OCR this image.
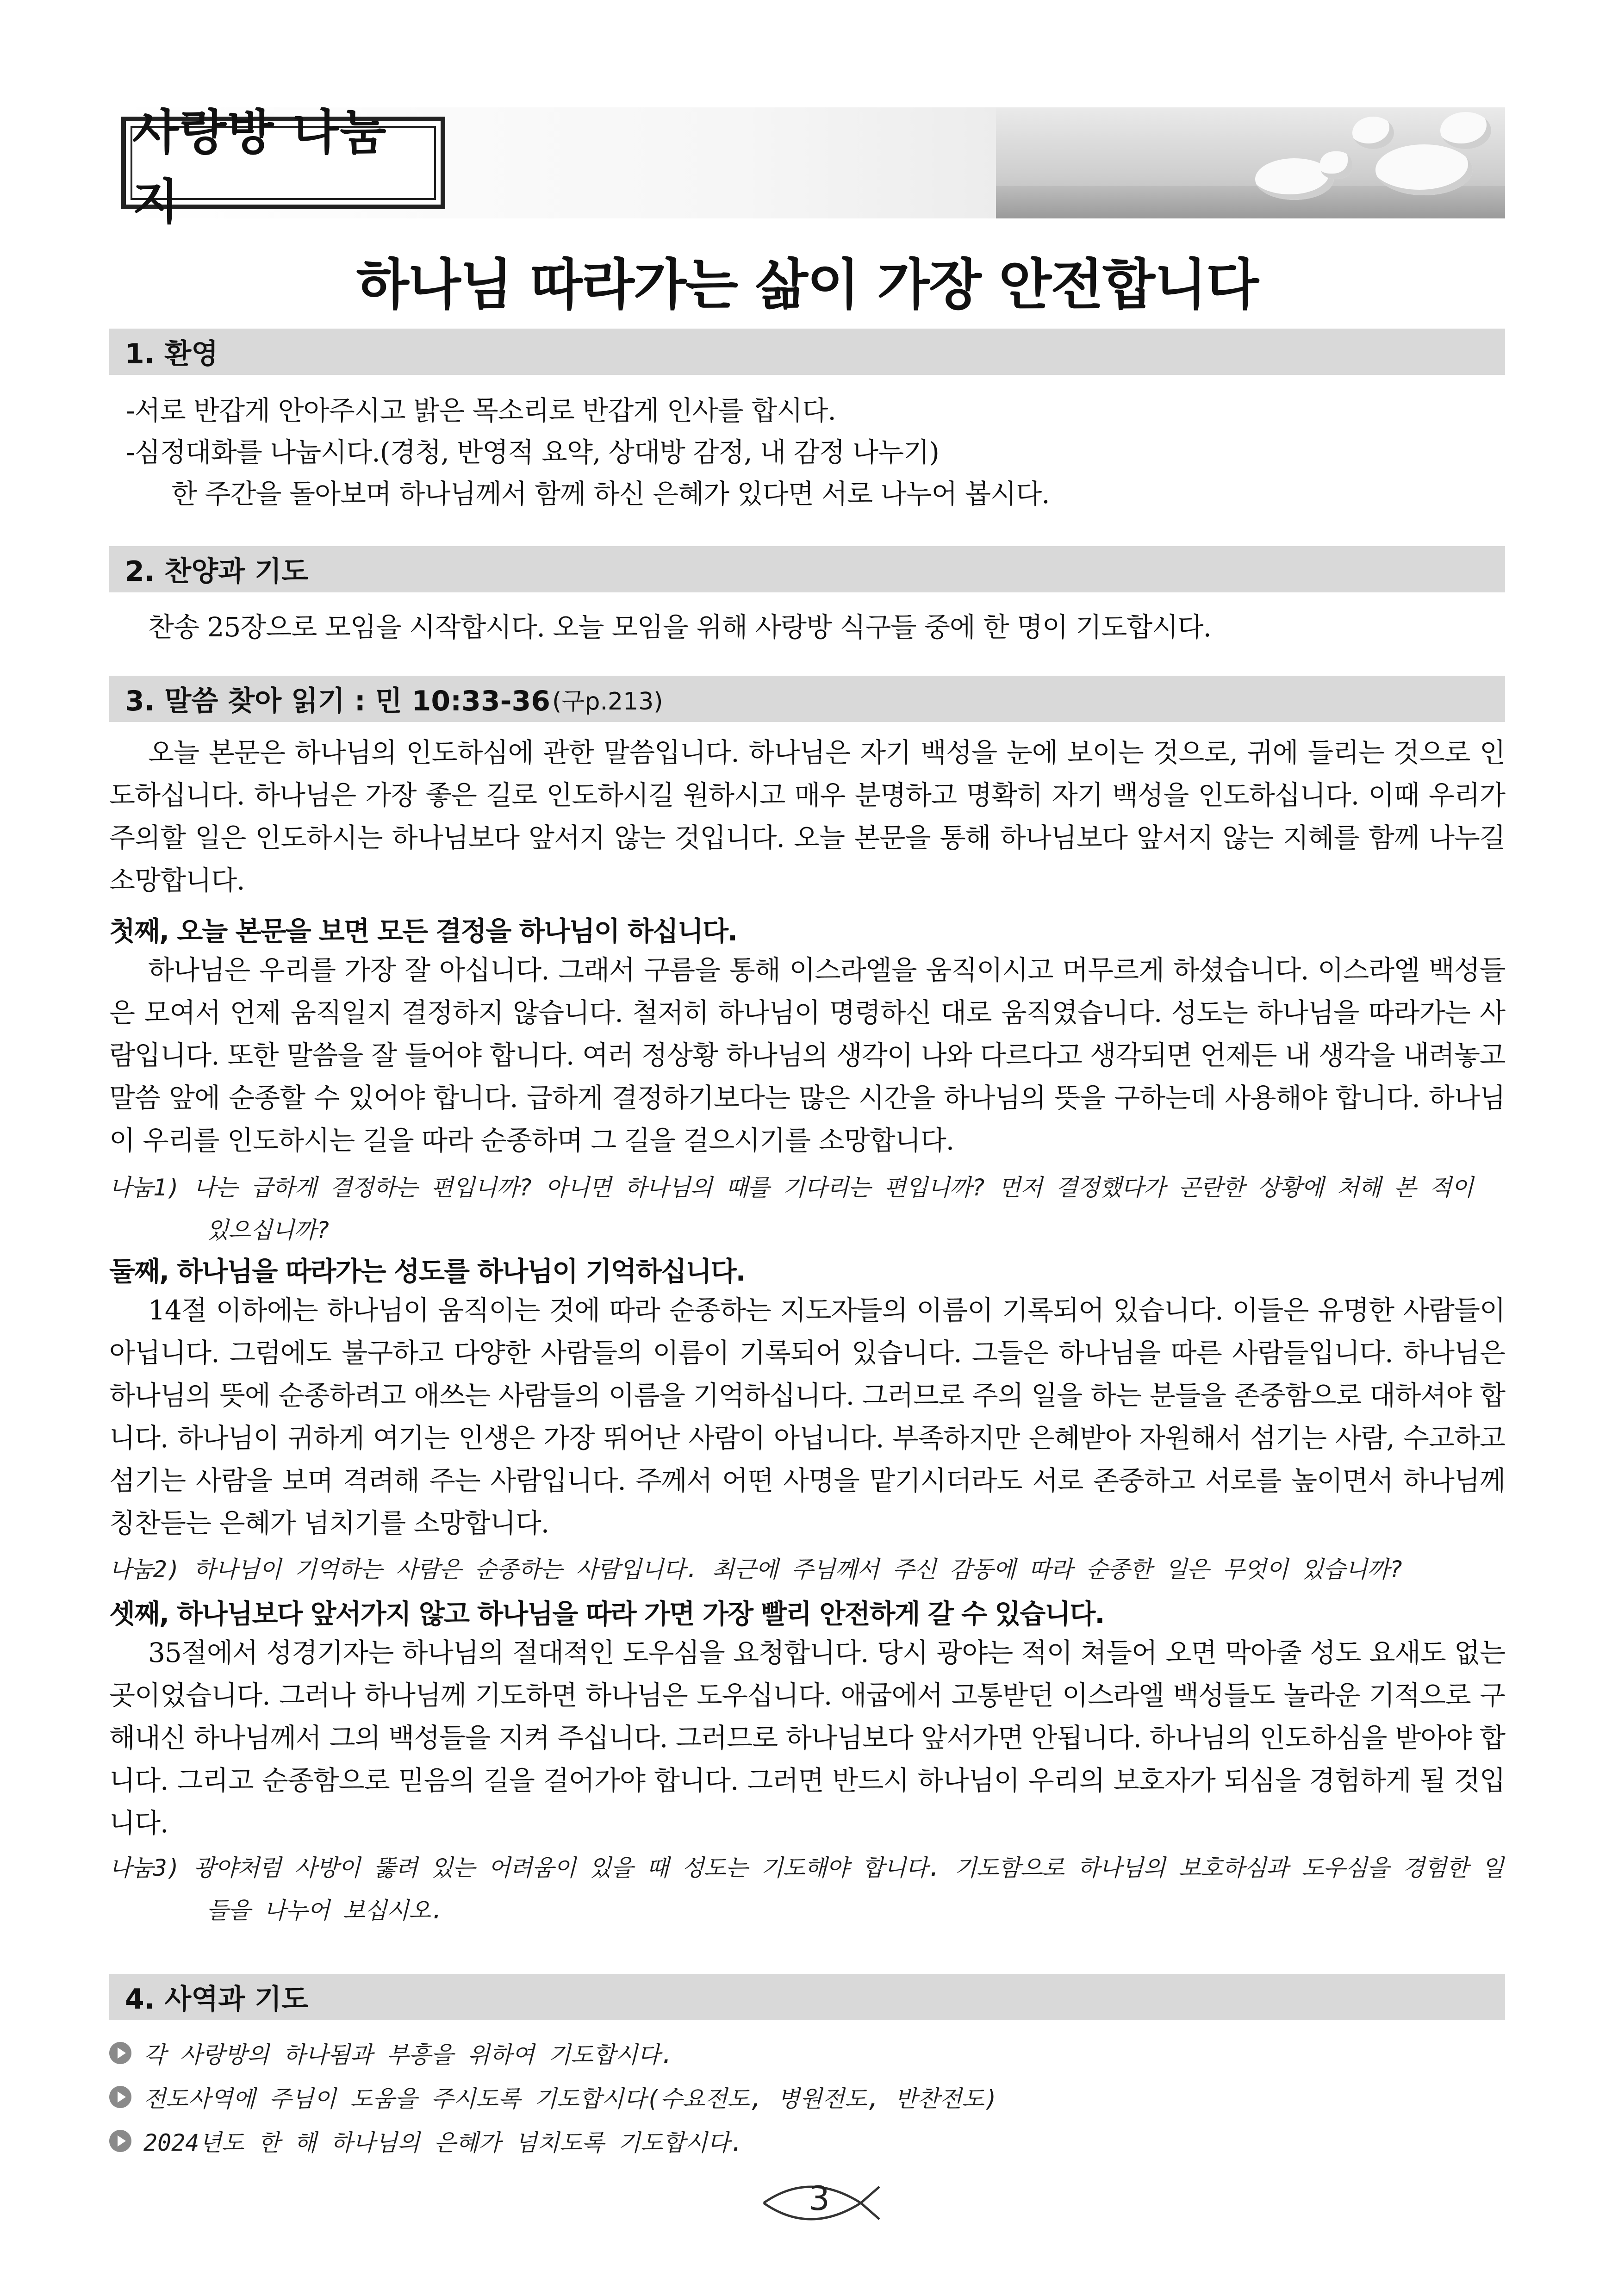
사랑방 나눔지
하나님 따라가는 삶이 가장 안전합니다
1. 환영
-서로 반갑게 안아주시고 밝은 목소리로 반갑게 인사를 합시다.
-심정대화를 나눕시다.(경청, 반영적 요약, 상대방 감정, 내 감정 나누기)
한 주간을 돌아보며 하나님께서 함께 하신 은혜가 있다면 서로 나누어 봅시다.
2. 찬양과 기도
찬송 25장으로 모임을 시작합시다. 오늘 모임을 위해 사랑방 식구들 중에 한 명이 기도합시다.
3. 말씀 찾아 읽기 : 민 10:33-36 (구p.213)
오늘 본문은 하나님의 인도하심에 관한 말씀입니다. 하나님은 자기 백성을 눈에 보이는 것으로, 귀에 들리는 것으로 인도하십니다. 하나님은 가장 좋은 길로 인도하시길 원하시고 매우 분명하고 명확히 자기 백성을 인도하십니다. 이때 우리가 주의할 일은 인도하시는 하나님보다 앞서지 않는 것입니다. 오늘 본문을 통해 하나님보다 앞서지 않는 지혜를 함께 나누길 소망합니다.
첫째, 오늘 본문을 보면 모든 결정을 하나님이 하십니다.
하나님은 우리를 가장 잘 아십니다. 그래서 구름을 통해 이스라엘을 움직이시고 머무르게 하셨습니다. 이스라엘 백성들은 모여서 언제 움직일지 결정하지 않습니다. 철저히 하나님이 명령하신 대로 움직였습니다. 성도는 하나님을 따라가는 사람입니다. 또한 말씀을 잘 들어야 합니다. 여러 정상황 하나님의 생각이 나와 다르다고 생각되면 언제든 내 생각을 내려놓고 말씀 앞에 순종할 수 있어야 합니다. 급하게 결정하기보다는 많은 시간을 하나님의 뜻을 구하는데 사용해야 합니다. 하나님이 우리를 인도하시는 길을 따라 순종하며 그 길을 걸으시기를 소망합니다.
나눔1) 나는 급하게 결정하는 편입니까? 아니면 하나님의 때를 기다리는 편입니까? 먼저 결정했다가 곤란한 상황에 처해 본 적이 있으십니까?
둘째, 하나님을 따라가는 성도를 하나님이 기억하십니다.
14절 이하에는 하나님이 움직이는 것에 따라 순종하는 지도자들의 이름이 기록되어 있습니다. 이들은 유명한 사람들이 아닙니다. 그럼에도 불구하고 다양한 사람들의 이름이 기록되어 있습니다. 그들은 하나님을 따른 사람들입니다. 하나님은 하나님의 뜻에 순종하려고 애쓰는 사람들의 이름을 기억하십니다. 그러므로 주의 일을 하는 분들을 존중함으로 대하셔야 합니다. 하나님이 귀하게 여기는 인생은 가장 뛰어난 사람이 아닙니다. 부족하지만 은혜받아 자원해서 섬기는 사람, 수고하고 섬기는 사람을 보며 격려해 주는 사람입니다. 주께서 어떤 사명을 맡기시더라도 서로 존중하고 서로를 높이면서 하나님께 칭찬듣는 은혜가 넘치기를 소망합니다.
나눔2) 하나님이 기억하는 사람은 순종하는 사람입니다. 최근에 주님께서 주신 감동에 따라 순종한 일은 무엇이 있습니까?
셋째, 하나님보다 앞서가지 않고 하나님을 따라 가면 가장 빨리 안전하게 갈 수 있습니다.
35절에서 성경기자는 하나님의 절대적인 도우심을 요청합니다. 당시 광야는 적이 쳐들어 오면 막아줄 성도 요새도 없는 곳이었습니다. 그러나 하나님께 기도하면 하나님은 도우십니다. 애굽에서 고통받던 이스라엘 백성들도 놀라운 기적으로 구해내신 하나님께서 그의 백성들을 지켜 주십니다. 그러므로 하나님보다 앞서가면 안됩니다. 하나님의 인도하심을 받아야 합니다. 그리고 순종함으로 믿음의 길을 걸어가야 합니다. 그러면 반드시 하나님이 우리의 보호자가 되심을 경험하게 될 것입니다.
나눔3) 광야처럼 사방이 뚫려 있는 어려움이 있을 때 성도는 기도해야 합니다. 기도함으로 하나님의 보호하심과 도우심을 경험한 일들을 나누어 보십시오.
4. 사역과 기도
각 사랑방의 하나됨과 부흥을 위하여 기도합시다.
전도사역에 주님이 도움을 주시도록 기도합시다(수요전도, 병원전도, 반찬전도)
2024년도 한 해 하나님의 은혜가 넘치도록 기도합시다.
3
